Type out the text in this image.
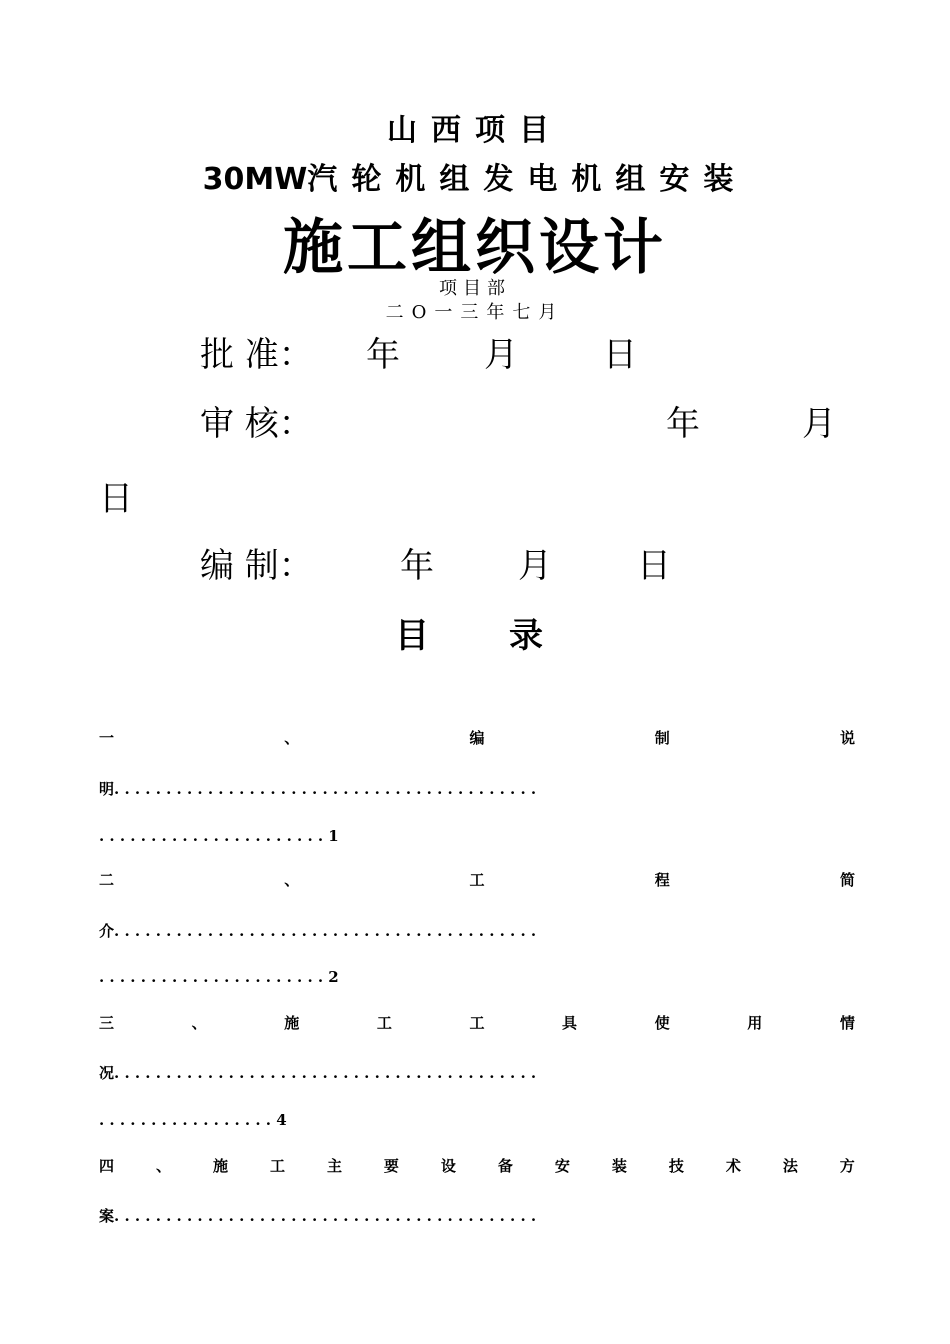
山西项目
30MW汽轮机组发电机组安装
施工组织设计
项目部
二O一三年七月
批 准： 年 月	日
审 核：	年	月
日
编 制：	年 月	日
目 录
一	、	编	制	说
明.........................................
......................1
二	、	工	程	简
介.........................................
......................2
三	、	施	工	工	具	使	用	情
况.........................................
.................4
四	、	施	工	主	要	设	备	安	装	技	术	法	方
案.........................................
